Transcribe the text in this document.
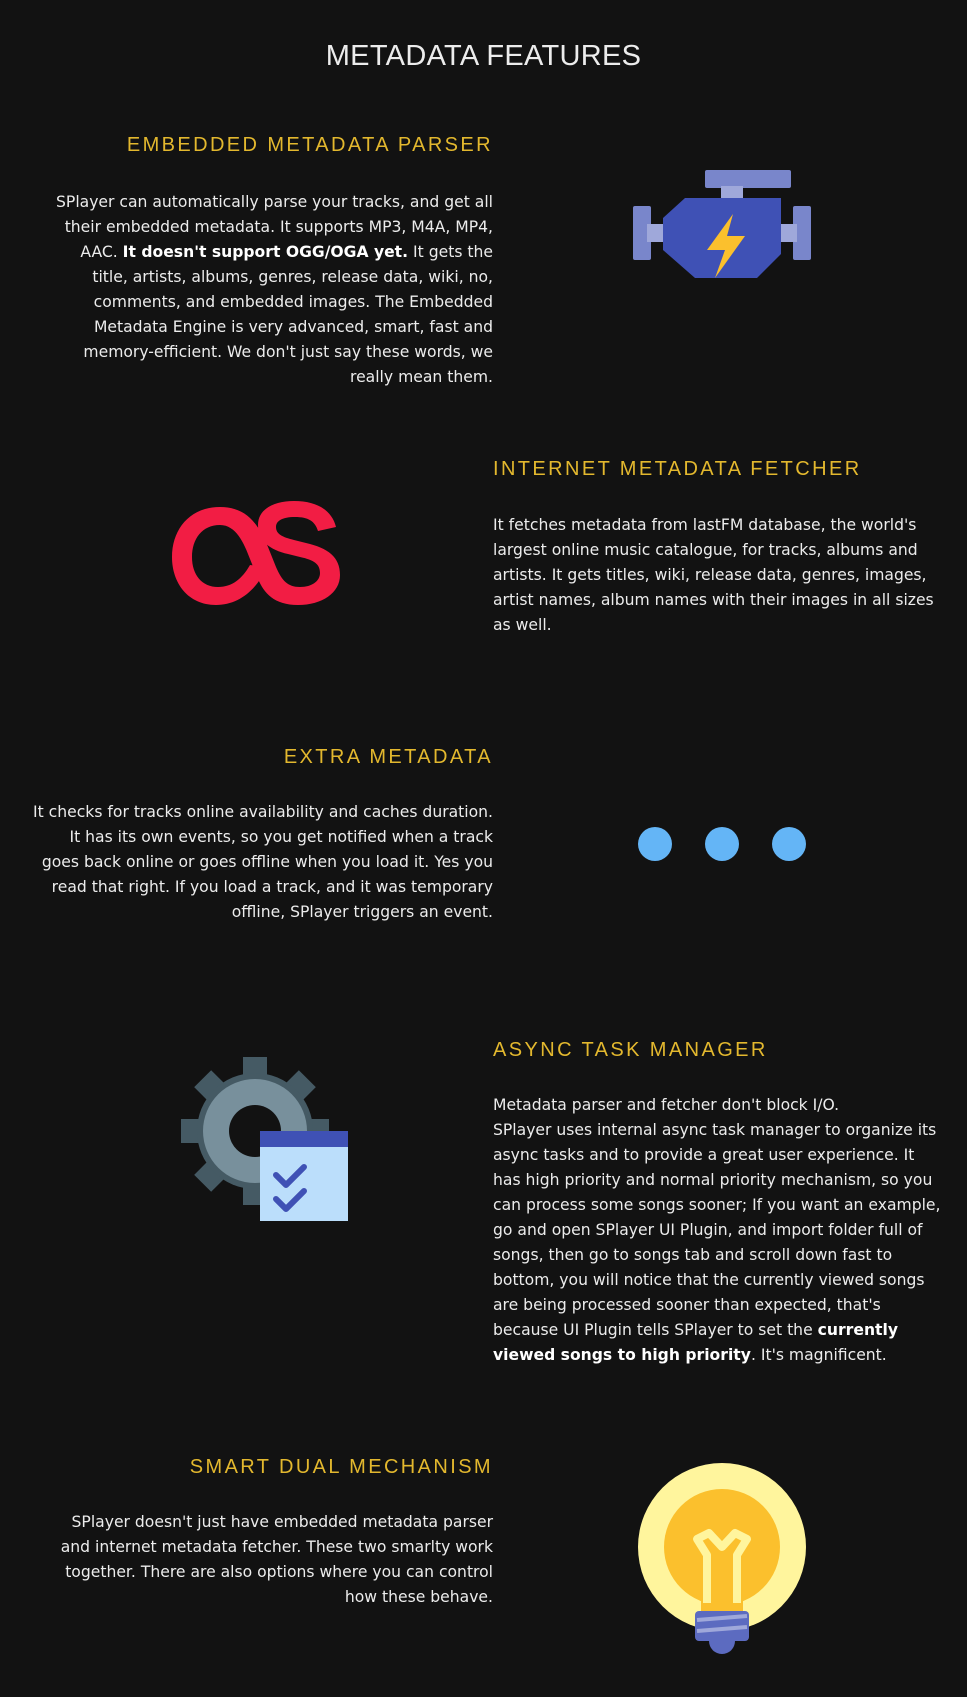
METADATA FEATURES
EMBEDDED METADATA PARSER

SPlayer can automatically parse your tracks, and get all their embedded metadata. It supports MP3, M4A, MP4, AAC. It doesn't support OGG/OGA yet. It gets the title, artists, albums, genres, release data, wiki, no, comments, and embedded images. The Embedded Metadata Engine is very advanced, smart, fast and memory-efficient. We don't just say these words, we really mean them.

INTERNET METADATA FETCHER

It fetches metadata from lastFM database, the world's largest online music catalogue, for tracks, albums and artists. It gets titles, wiki, release data, genres, images, artist names, album names with their images in all sizes as well.

EXTRA METADATA

It checks for tracks online availability and caches duration. It has its own events, so you get notified when a track goes back online or goes offline when you load it. Yes you read that right. If you load a track, and it was temporary offline, SPlayer triggers an event.

ASYNC TASK MANAGER

Metadata parser and fetcher don't block I/O.
SPlayer uses internal async task manager to organize its async tasks and to provide a great user experience. It has high priority and normal priority mechanism, so you can process some songs sooner; If you want an example, go and open SPlayer UI Plugin, and import folder full of songs, then go to songs tab and scroll down fast to bottom, you will notice that the currently viewed songs are being processed sooner than expected, that's because UI Plugin tells SPlayer to set the currently viewed songs to high priority. It's magnificent.

SMART DUAL MECHANISM

SPlayer doesn't just have embedded metadata parser and internet metadata fetcher. These two smarlty work together. There are also options where you can control how these behave.
